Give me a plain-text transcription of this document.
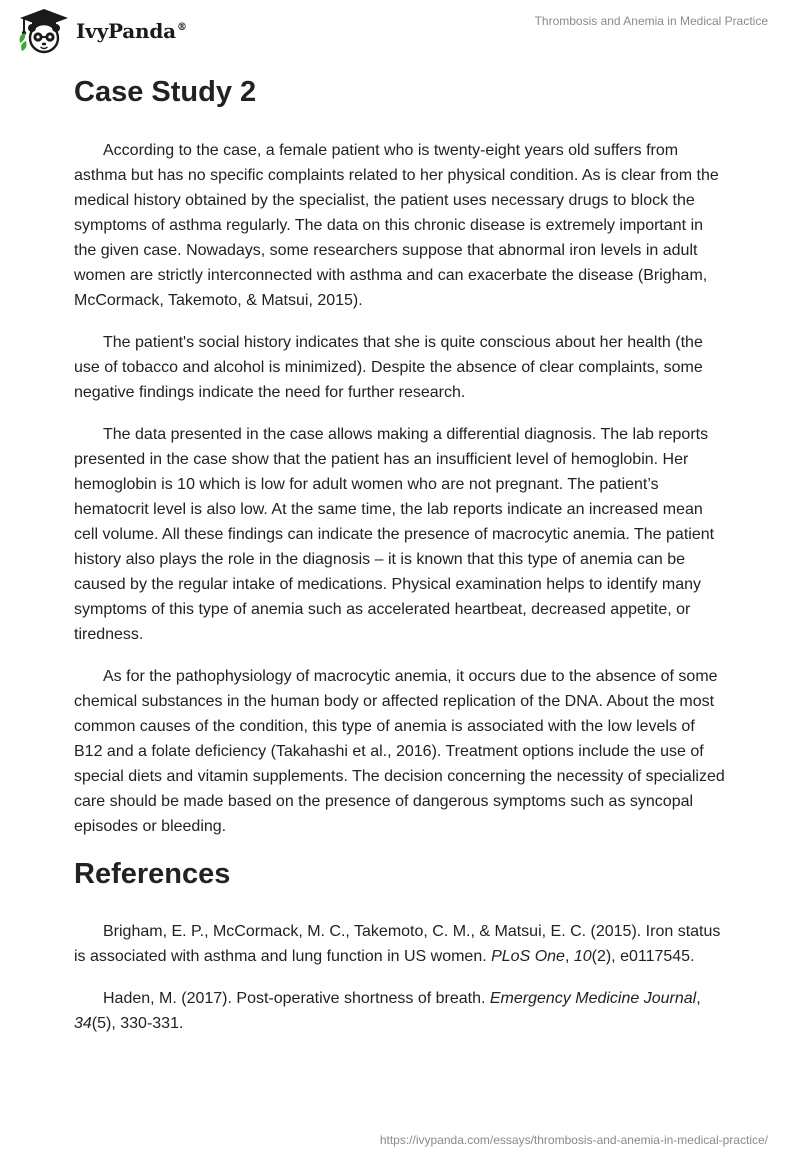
IvyPanda®	Thrombosis and Anemia in Medical Practice
Case Study 2

According to the case, a female patient who is twenty-eight years old suffers from asthma but has no specific complaints related to her physical condition. As is clear from the medical history obtained by the specialist, the patient uses necessary drugs to block the symptoms of asthma regularly. The data on this chronic disease is extremely important in the given case. Nowadays, some researchers suppose that abnormal iron levels in adult women are strictly interconnected with asthma and can exacerbate the disease (Brigham, McCormack, Takemoto, & Matsui, 2015).

The patient's social history indicates that she is quite conscious about her health (the use of tobacco and alcohol is minimized). Despite the absence of clear complaints, some negative findings indicate the need for further research.

The data presented in the case allows making a differential diagnosis. The lab reports presented in the case show that the patient has an insufficient level of hemoglobin. Her hemoglobin is 10 which is low for adult women who are not pregnant. The patient’s hematocrit level is also low. At the same time, the lab reports indicate an increased mean cell volume. All these findings can indicate the presence of macrocytic anemia. The patient history also plays the role in the diagnosis – it is known that this type of anemia can be caused by the regular intake of medications. Physical examination helps to identify many symptoms of this type of anemia such as accelerated heartbeat, decreased appetite, or tiredness.

As for the pathophysiology of macrocytic anemia, it occurs due to the absence of some chemical substances in the human body or affected replication of the DNA. About the most common causes of the condition, this type of anemia is associated with the low levels of B12 and a folate deficiency (Takahashi et al., 2016). Treatment options include the use of special diets and vitamin supplements. The decision concerning the necessity of specialized care should be made based on the presence of dangerous symptoms such as syncopal episodes or bleeding.

References

Brigham, E. P., McCormack, M. C., Takemoto, C. M., & Matsui, E. C. (2015). Iron status is associated with asthma and lung function in US women. PLoS One, 10(2), e0117545.

Haden, M. (2017). Post-operative shortness of breath. Emergency Medicine Journal, 34(5), 330-331.

https://ivypanda.com/essays/thrombosis-and-anemia-in-medical-practice/
